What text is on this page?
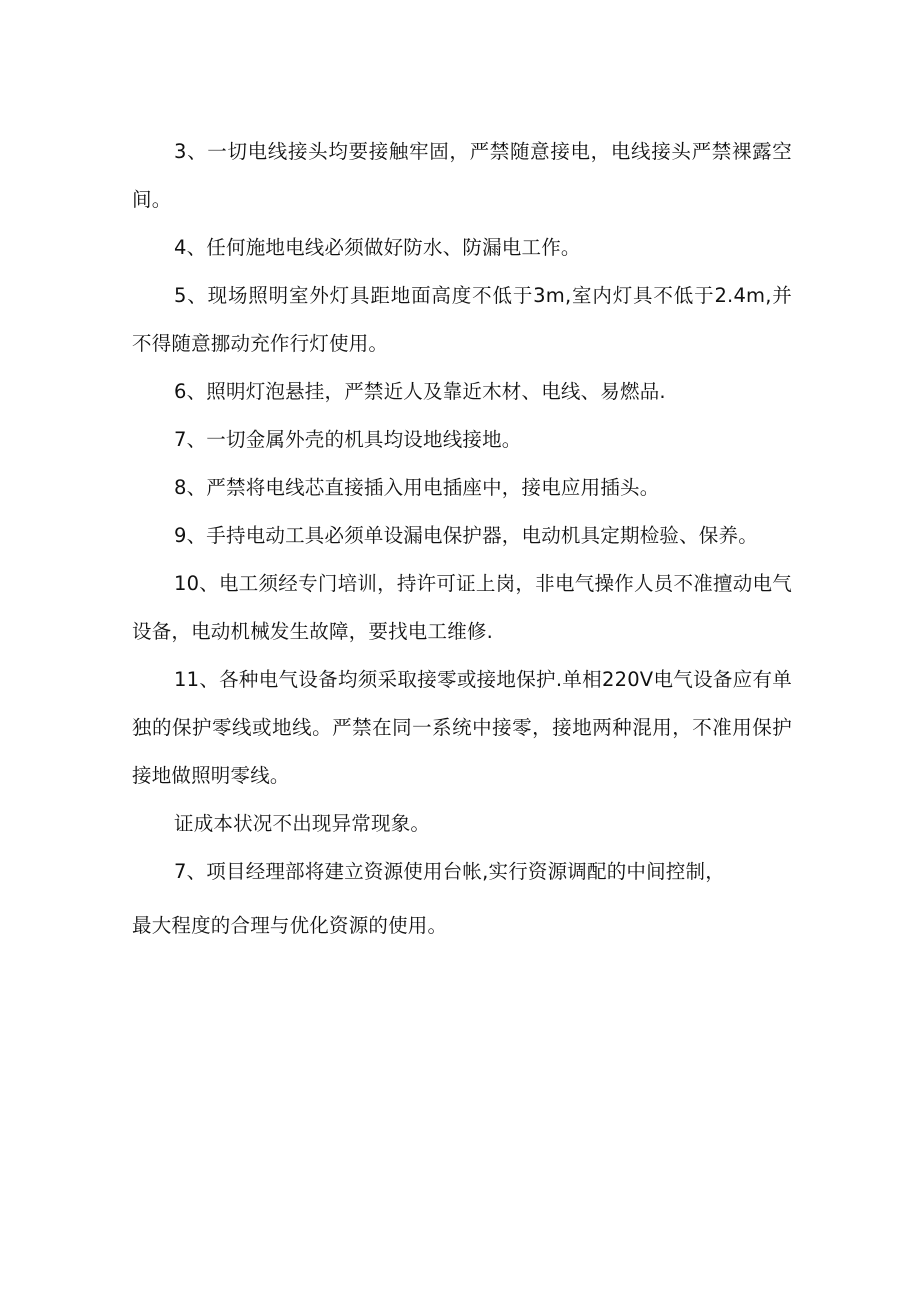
3、一切电线接头均要接触牢固，严禁随意接电，电线接头严禁裸露空间。

4、任何施地电线必须做好防水、防漏电工作。

5、现场照明室外灯具距地面高度不低于3m,室内灯具不低于2.4m,并不得随意挪动充作行灯使用。

6、照明灯泡悬挂，严禁近人及靠近木材、电线、易燃品.

7、一切金属外壳的机具均设地线接地。

8、严禁将电线芯直接插入用电插座中，接电应用插头。

9、手持电动工具必须单设漏电保护器，电动机具定期检验、保养。

10、电工须经专门培训，持许可证上岗，非电气操作人员不准擅动电气设备，电动机械发生故障，要找电工维修.

11、各种电气设备均须采取接零或接地保护.单相220V电气设备应有单独的保护零线或地线。严禁在同一系统中接零，接地两种混用，不准用保护接地做照明零线。

证成本状况不出现异常现象。

7、项目经理部将建立资源使用台帐,实行资源调配的中间控制，

最大程度的合理与优化资源的使用。
